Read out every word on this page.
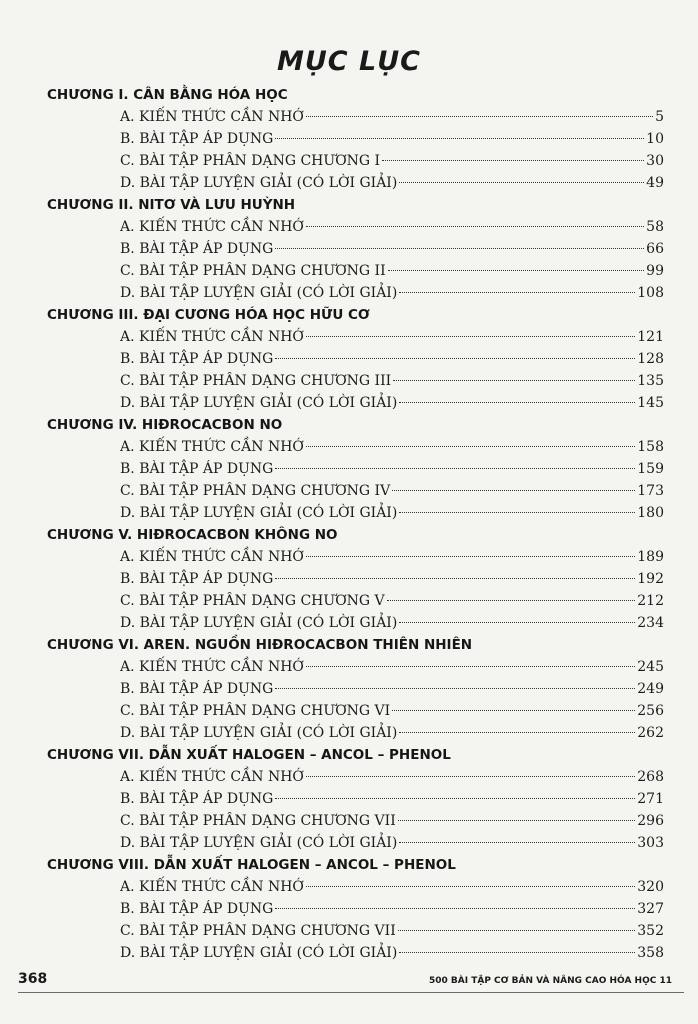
MỤC LỤC
CHƯƠNG I. CÂN BẰNG HÓA HỌC
A. KIẾN THỨC CẦN NHỚ	5
B. BÀI TẬP ÁP DỤNG	10
C. BÀI TẬP PHÂN DẠNG CHƯƠNG I	30
D. BÀI TẬP LUYỆN GIẢI (CÓ LỜI GIẢI)	49
CHƯƠNG II. NITƠ VÀ LƯU HUỲNH
A. KIẾN THỨC CẦN NHỚ	58
B. BÀI TẬP ÁP DỤNG	66
C. BÀI TẬP PHÂN DẠNG CHƯƠNG II	99
D. BÀI TẬP LUYỆN GIẢI (CÓ LỜI GIẢI)	108
CHƯƠNG III. ĐẠI CƯƠNG HÓA HỌC HỮU CƠ
A. KIẾN THỨC CẦN NHỚ	121
B. BÀI TẬP ÁP DỤNG	128
C. BÀI TẬP PHÂN DẠNG CHƯƠNG III	135
D. BÀI TẬP LUYỆN GIẢI (CÓ LỜI GIẢI)	145
CHƯƠNG IV. HIĐROCACBON NO
A. KIẾN THỨC CẦN NHỚ	158
B. BÀI TẬP ÁP DỤNG	159
C. BÀI TẬP PHÂN DẠNG CHƯƠNG IV	173
D. BÀI TẬP LUYỆN GIẢI (CÓ LỜI GIẢI)	180
CHƯƠNG V. HIĐROCACBON KHÔNG NO
A. KIẾN THỨC CẦN NHỚ	189
B. BÀI TẬP ÁP DỤNG	192
C. BÀI TẬP PHÂN DẠNG CHƯƠNG V	212
D. BÀI TẬP LUYỆN GIẢI (CÓ LỜI GIẢI)	234
CHƯƠNG VI. AREN. NGUỒN HIĐROCACBON THIÊN NHIÊN
A. KIẾN THỨC CẦN NHỚ	245
B. BÀI TẬP ÁP DỤNG	249
C. BÀI TẬP PHÂN DẠNG CHƯƠNG VI	256
D. BÀI TẬP LUYỆN GIẢI (CÓ LỜI GIẢI)	262
CHƯƠNG VII. DẪN XUẤT HALOGEN – ANCOL – PHENOL
A. KIẾN THỨC CẦN NHỚ	268
B. BÀI TẬP ÁP DỤNG	271
C. BÀI TẬP PHÂN DẠNG CHƯƠNG VII	296
D. BÀI TẬP LUYỆN GIẢI (CÓ LỜI GIẢI)	303
CHƯƠNG VIII. DẪN XUẤT HALOGEN – ANCOL – PHENOL
A. KIẾN THỨC CẦN NHỚ	320
B. BÀI TẬP ÁP DỤNG	327
C. BÀI TẬP PHÂN DẠNG CHƯƠNG VII	352
D. BÀI TẬP LUYỆN GIẢI (CÓ LỜI GIẢI)	358
368	500 BÀI TẬP CƠ BẢN VÀ NÂNG CAO HÓA HỌC 11
